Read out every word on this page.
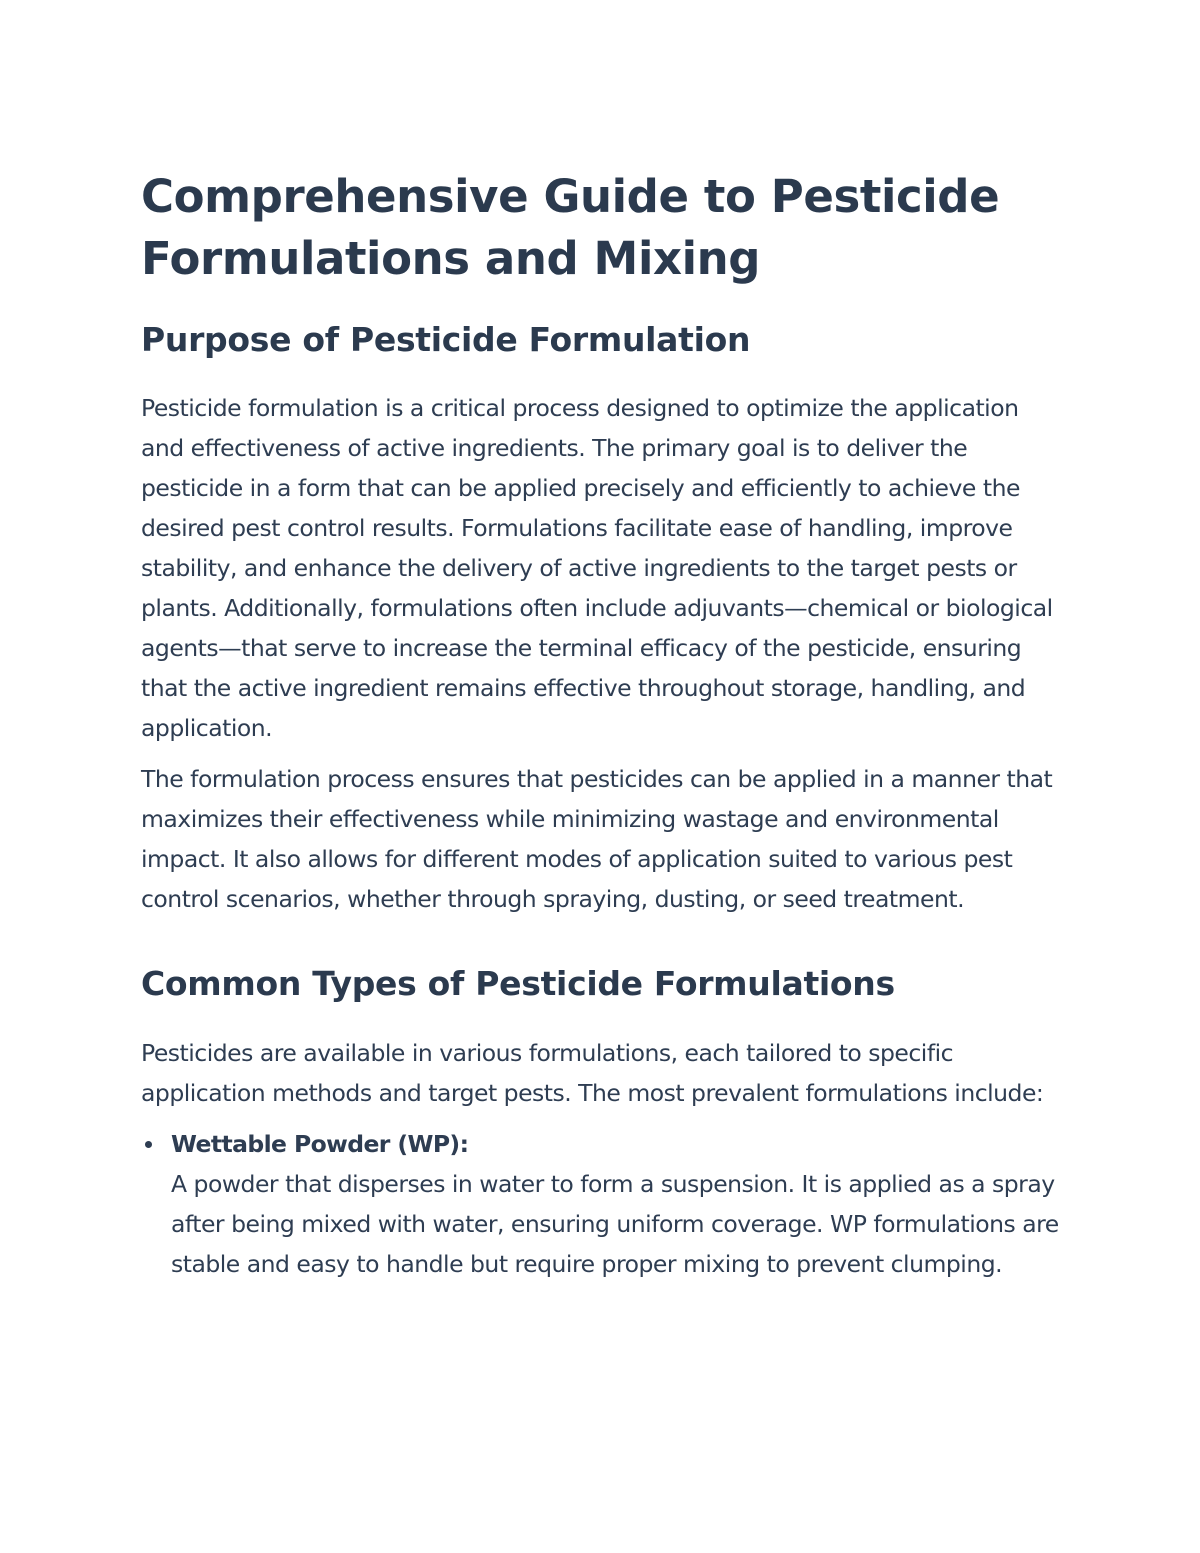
Comprehensive Guide to Pesticide Formulations and Mixing
Purpose of Pesticide Formulation

Pesticide formulation is a critical process designed to optimize the application and effectiveness of active ingredients. The primary goal is to deliver the pesticide in a form that can be applied precisely and efficiently to achieve the desired pest control results. Formulations facilitate ease of handling, improve stability, and enhance the delivery of active ingredients to the target pests or plants. Additionally, formulations often include adjuvants—chemical or biological agents—that serve to increase the terminal efficacy of the pesticide, ensuring that the active ingredient remains effective throughout storage, handling, and application.

The formulation process ensures that pesticides can be applied in a manner that maximizes their effectiveness while minimizing wastage and environmental impact. It also allows for different modes of application suited to various pest control scenarios, whether through spraying, dusting, or seed treatment.

Common Types of Pesticide Formulations

Pesticides are available in various formulations, each tailored to specific application methods and target pests. The most prevalent formulations include:

Wettable Powder (WP):
A powder that disperses in water to form a suspension. It is applied as a spray after being mixed with water, ensuring uniform coverage. WP formulations are stable and easy to handle but require proper mixing to prevent clumping.
